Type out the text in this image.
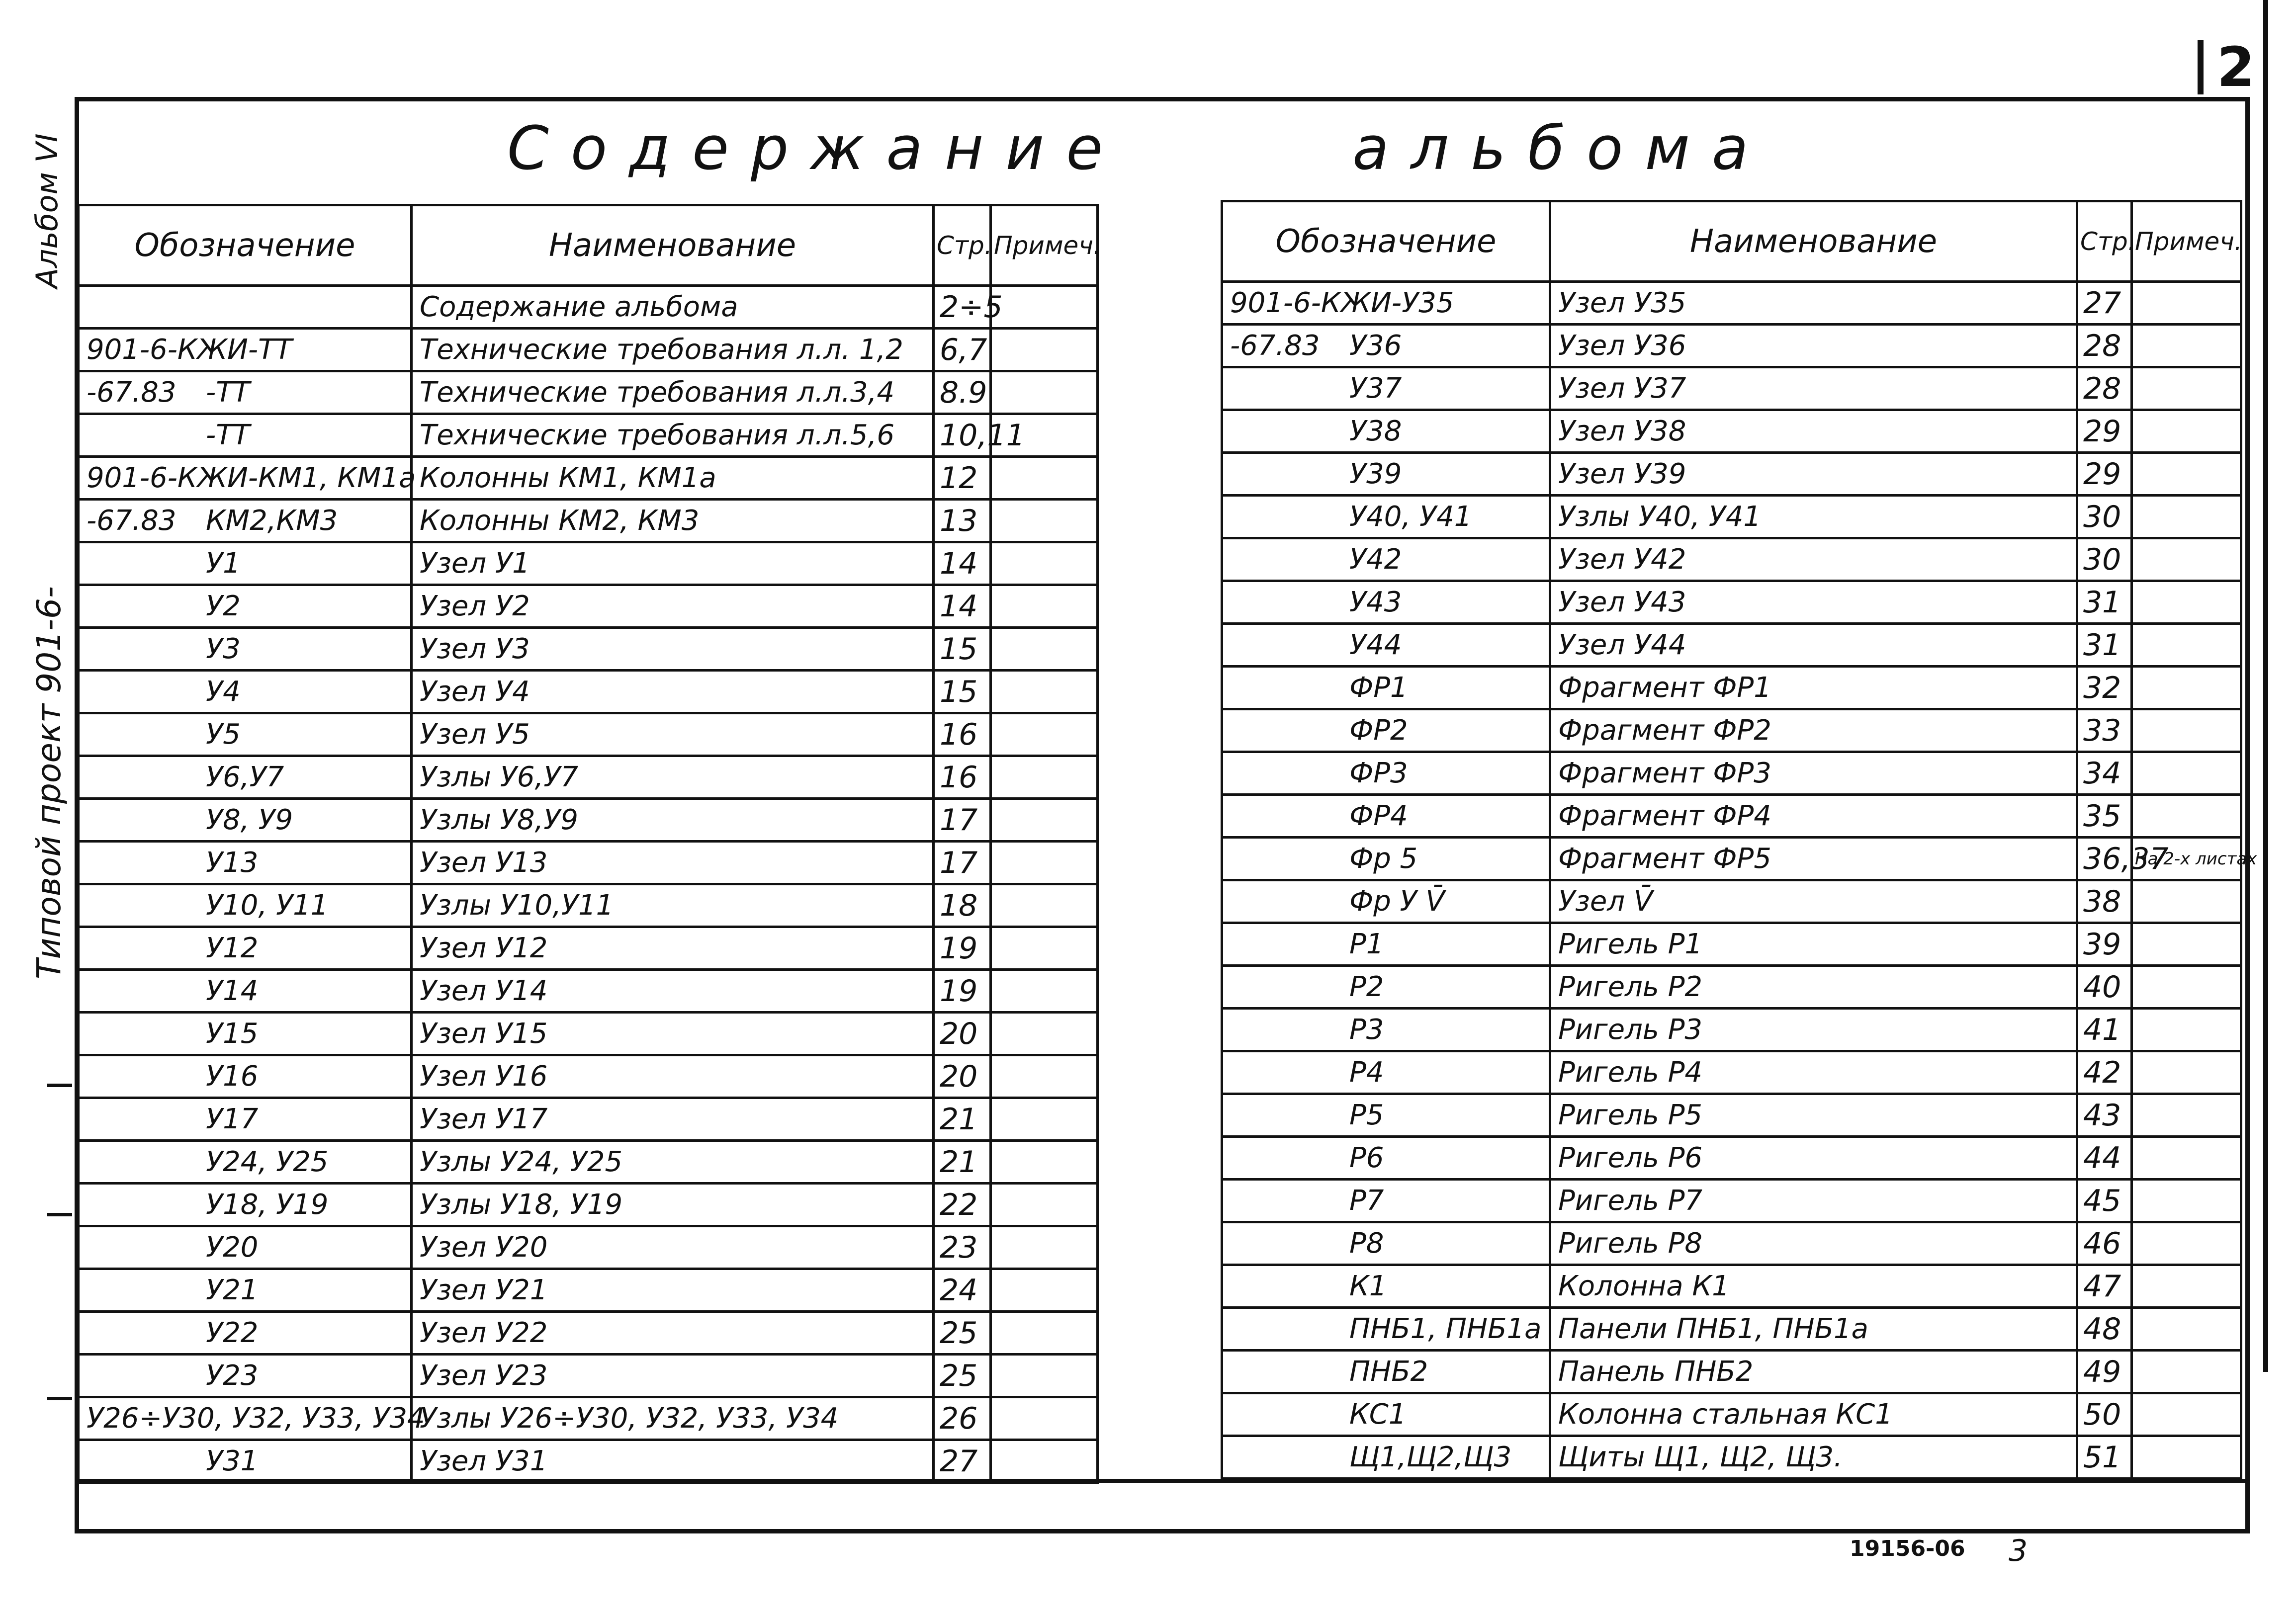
2
Альбом VI
Типовой проект 901-6-
Содержание	альбома
Обозначение	Наименование	Стр.	Примеч.
	Содержание альбома	2÷5	
901-6-КЖИ-ТТ	Технические требования л.л. 1,2	6,7	
-67.83 -ТТ	Технические требования л.л.3,4	8.9	
-ТТ	Технические требования л.л.5,6	10,11	
901-6-КЖИ-КМ1, КМ1а	Колонны КМ1, КМ1а	12	
-67.83 КМ2,КМ3	Колонны КМ2, КМ3	13	
У1	Узел У1	14	
У2	Узел У2	14	
У3	Узел У3	15	
У4	Узел У4	15	
У5	Узел У5	16	
У6,У7	Узлы У6,У7	16	
У8, У9	Узлы У8,У9	17	
У13	Узел У13	17	
У10, У11	Узлы У10,У11	18	
У12	Узел У12	19	
У14	Узел У14	19	
У15	Узел У15	20	
У16	Узел У16	20	
У17	Узел У17	21	
У24, У25	Узлы У24, У25	21	
У18, У19	Узлы У18, У19	22	
У20	Узел У20	23	
У21	Узел У21	24	
У22	Узел У22	25	
У23	Узел У23	25	
У26÷У30, У32, У33, У34	Узлы У26÷У30, У32, У33, У34	26	
У31	Узел У31	27	
Обозначение	Наименование	Стр.	Примеч.
901-6-КЖИ-У35	Узел У35	27	
-67.83 У36	Узел У36	28	
У37	Узел У37	28	
У38	Узел У38	29	
У39	Узел У39	29	
У40, У41	Узлы У40, У41	30	
У42	Узел У42	30	
У43	Узел У43	31	
У44	Узел У44	31	
ФР1	Фрагмент ФР1	32	
ФР2	Фрагмент ФР2	33	
ФР3	Фрагмент ФР3	34	
ФР4	Фрагмент ФР4	35	
Фр 5	Фрагмент ФР5	36,37	На 2-х листах
Фр У V̄	Узел V̄	38	
Р1	Ригель Р1	39	
Р2	Ригель Р2	40	
Р3	Ригель Р3	41	
Р4	Ригель Р4	42	
Р5	Ригель Р5	43	
Р6	Ригель Р6	44	
Р7	Ригель Р7	45	
Р8	Ригель Р8	46	
К1	Колонна К1	47	
ПНБ1, ПНБ1а	Панели ПНБ1, ПНБ1а	48	
ПНБ2	Панель ПНБ2	49	
КС1	Колонна стальная КС1	50	
Щ1,Щ2,Щ3	Щиты Щ1, Щ2, Щ3.	51	
19156-06 3
